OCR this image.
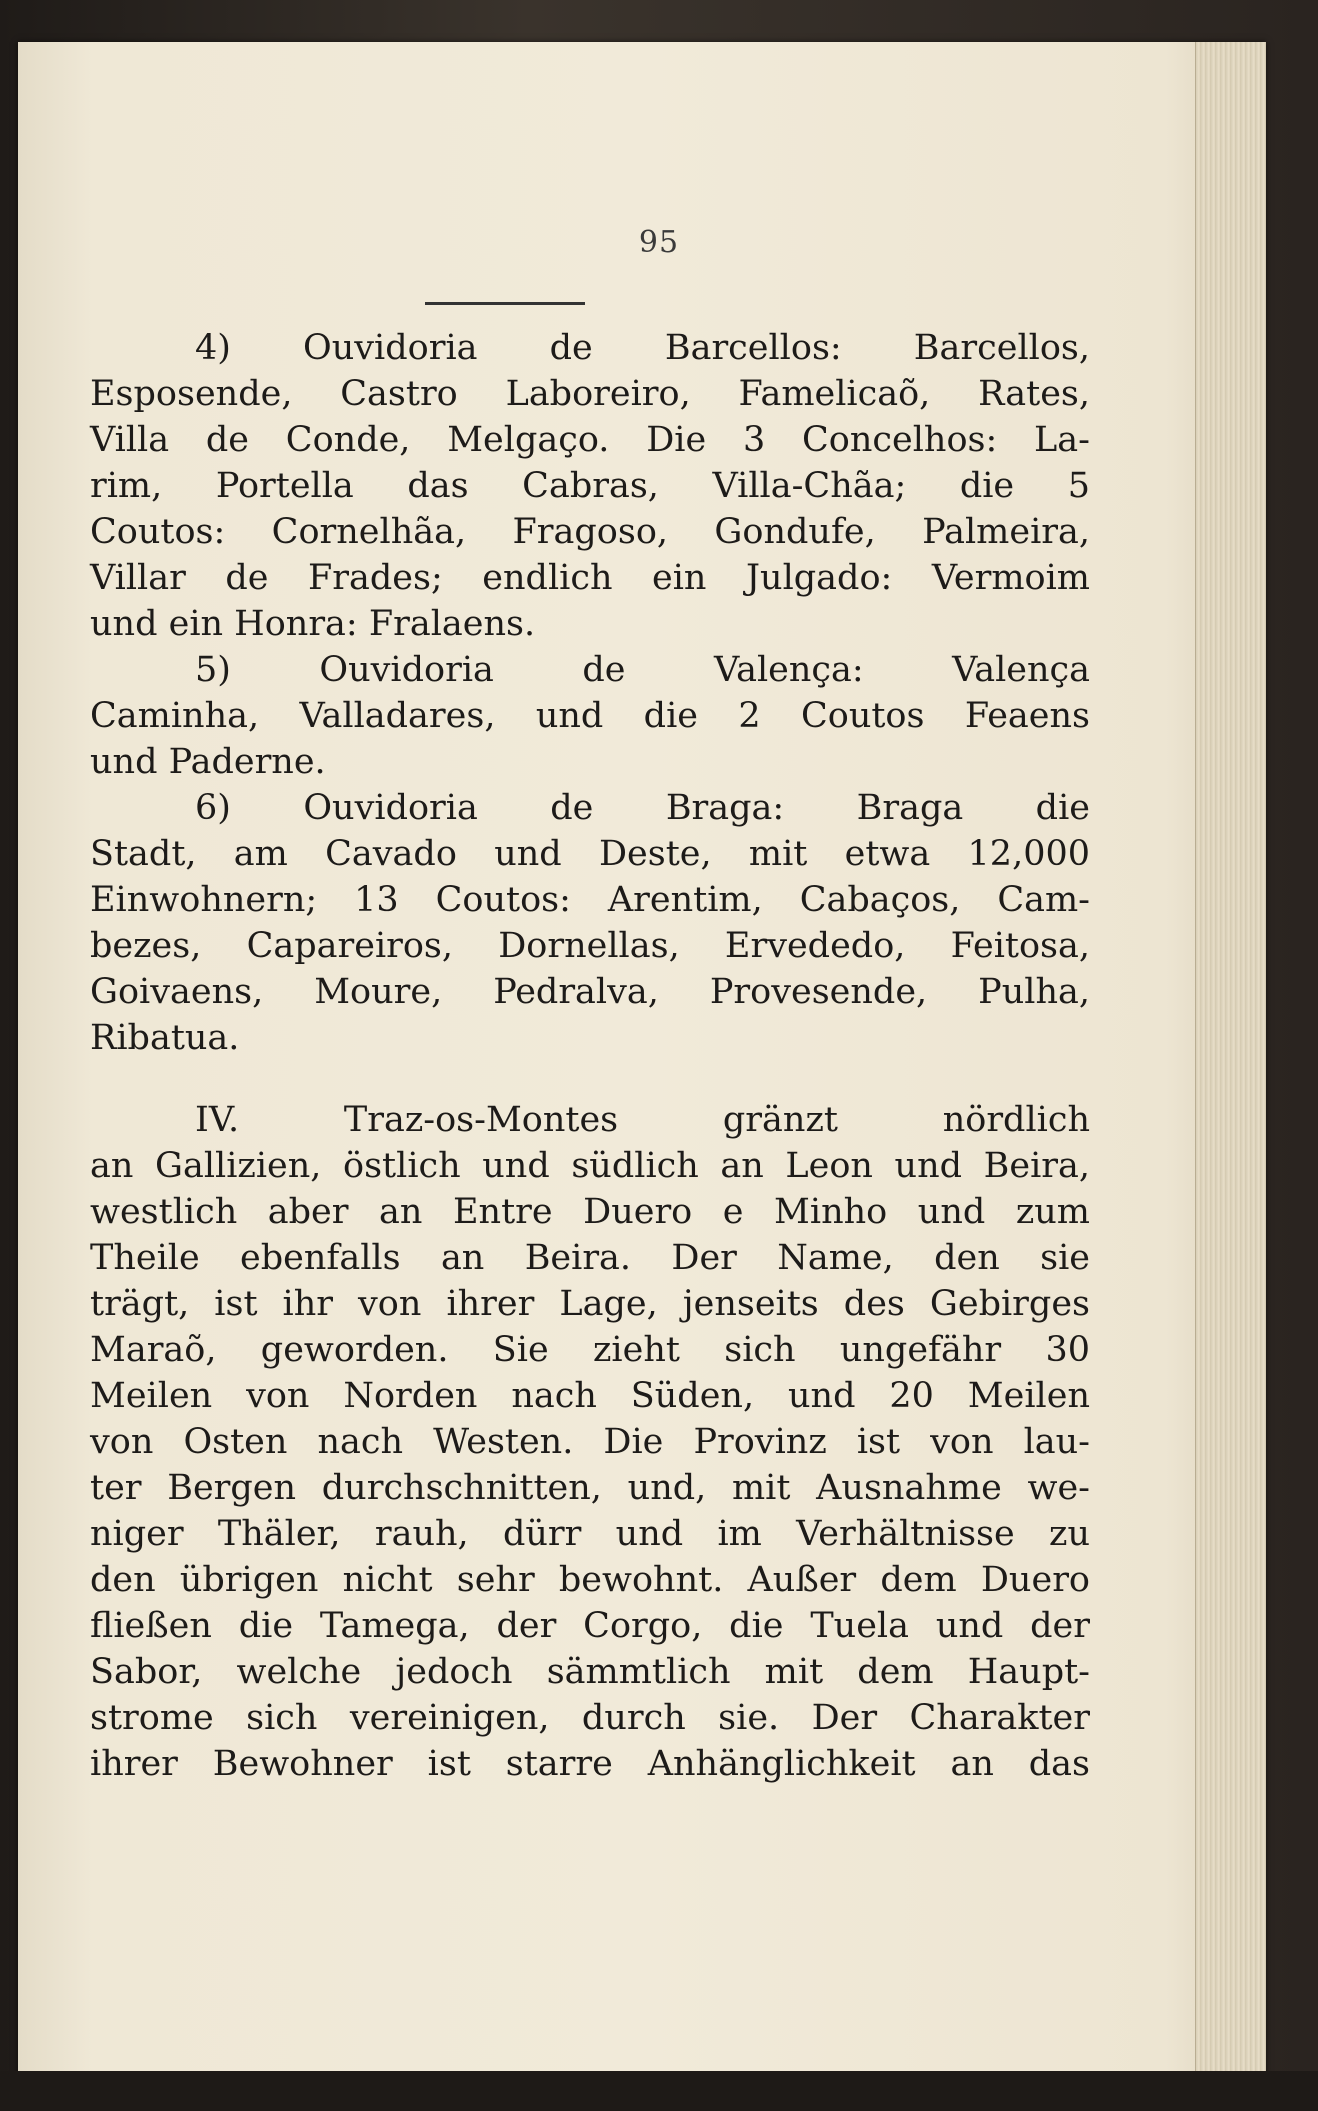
95
4) Ouvidoria de Barcellos: Barcellos,
Esposende, Castro Laboreiro, Famelicaõ, Rates,
Villa de Conde, Melgaço. Die 3 Concelhos: La-
rim, Portella das Cabras, Villa-Chãa; die 5
Coutos: Cornelhãa, Fragoso, Gondufe, Palmeira,
Villar de Frades; endlich ein Julgado: Vermoim
und ein Honra: Fralaens.
5) Ouvidoria de Valença: Valença
Caminha, Valladares, und die 2 Coutos Feaens
und Paderne.
6) Ouvidoria de Braga: Braga die
Stadt, am Cavado und Deste, mit etwa 12,000
Einwohnern; 13 Coutos: Arentim, Cabaços, Cam-
bezes, Capareiros, Dornellas, Ervededo, Feitosa,
Goivaens, Moure, Pedralva, Provesende, Pulha,
Ribatua.
IV. Traz-os-Montes gränzt nördlich
an Gallizien, östlich und südlich an Leon und Beira,
westlich aber an Entre Duero e Minho und zum
Theile ebenfalls an Beira. Der Name, den sie
trägt, ist ihr von ihrer Lage, jenseits des Gebirges
Maraõ, geworden. Sie zieht sich ungefähr 30
Meilen von Norden nach Süden, und 20 Meilen
von Osten nach Westen. Die Provinz ist von lau-
ter Bergen durchschnitten, und, mit Ausnahme we-
niger Thäler, rauh, dürr und im Verhältnisse zu
den übrigen nicht sehr bewohnt. Außer dem Duero
fließen die Tamega, der Corgo, die Tuela und der
Sabor, welche jedoch sämmtlich mit dem Haupt-
strome sich vereinigen, durch sie. Der Charakter
ihrer Bewohner ist starre Anhänglichkeit an das
